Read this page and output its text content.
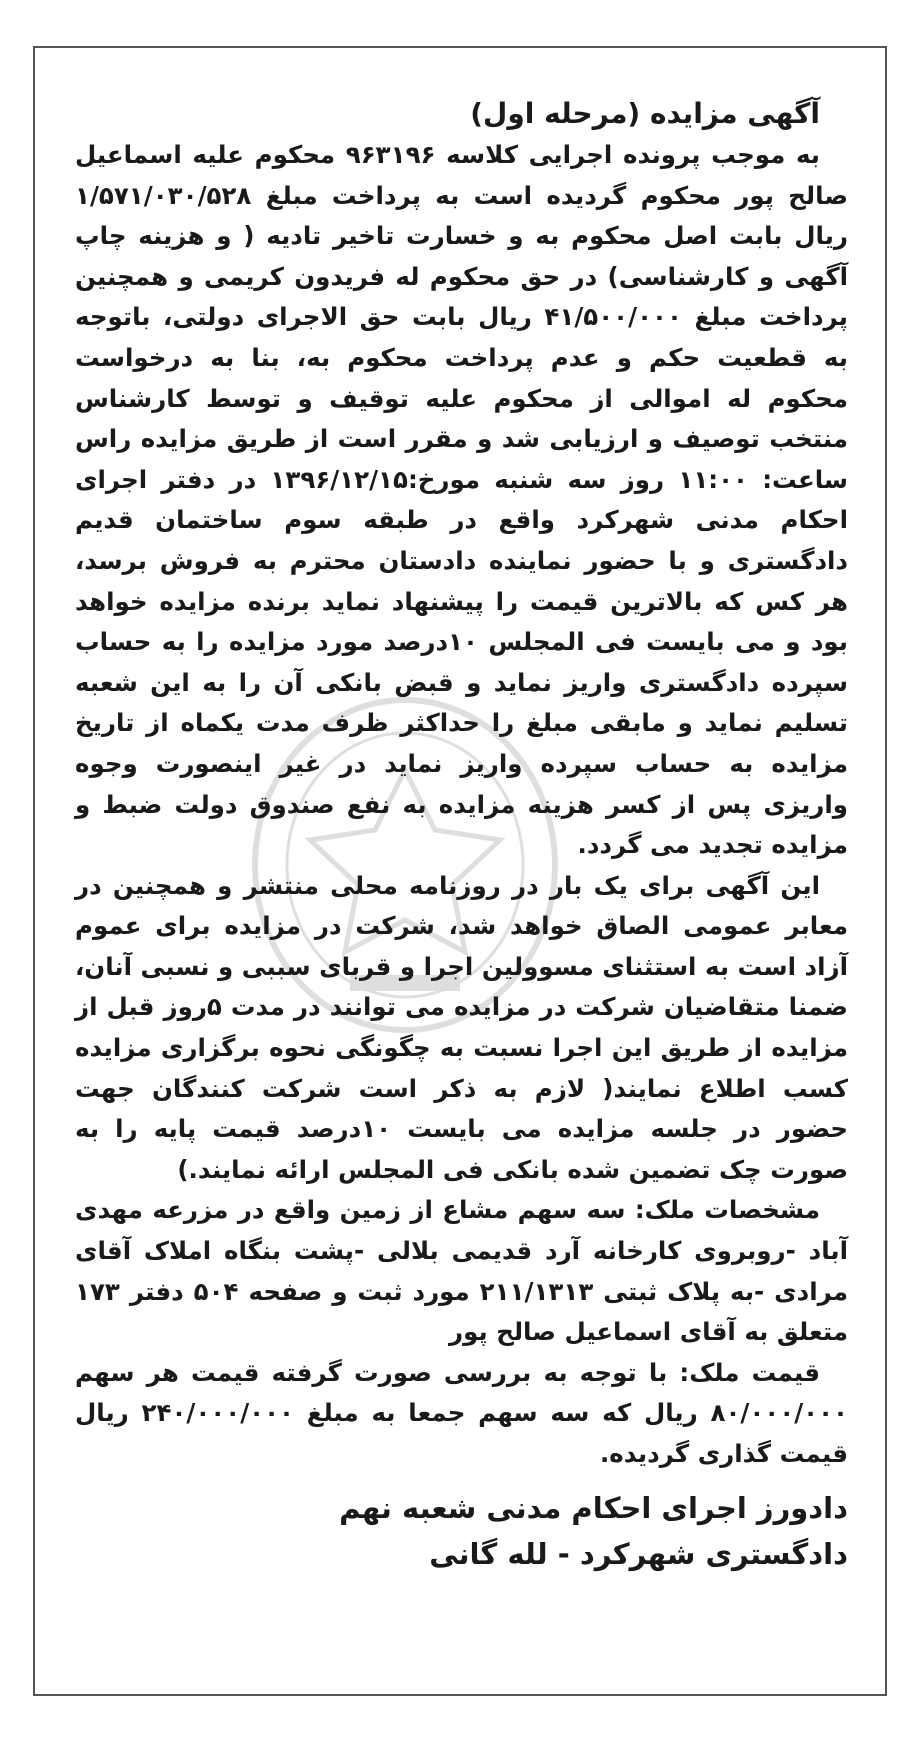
آگهی مزایده (مرحله اول)

به موجب پرونده اجرایی کلاسه ۹۶۳۱۹۶ محکوم علیه اسماعیل صالح پور محکوم گردیده است به پرداخت مبلغ ۱/۵۷۱/۰۳۰/۵۲۸ ریال بابت اصل محکوم به و خسارت تاخیر تادیه ( و هزینه چاپ آگهی و کارشناسی) در حق محکوم له فریدون کریمی و همچنین پرداخت مبلغ ۴۱/۵۰۰/۰۰۰ ریال بابت حق الاجرای دولتی، باتوجه به قطعیت حکم و عدم پرداخت محکوم به، بنا به درخواست محکوم له اموالی از محکوم علیه توقیف و توسط کارشناس منتخب توصیف و ارزیابی شد و مقرر است از طریق مزایده راس ساعت: ۱۱:۰۰ روز سه شنبه مورخ:۱۳۹۶/۱۲/۱۵ در دفتر اجرای احکام مدنی شهرکرد واقع در طبقه سوم ساختمان قدیم دادگستری و با حضور نماینده دادستان محترم به فروش برسد، هر کس که بالاترین قیمت را پیشنهاد نماید برنده مزایده خواهد بود و می بایست فی المجلس ۱۰درصد مورد مزایده را به حساب سپرده دادگستری واریز نماید و قبض بانکی آن را به این شعبه تسلیم نماید و مابقی مبلغ را حداکثر ظرف مدت یکماه از تاریخ مزایده به حساب سپرده واریز نماید در غیر اینصورت وجوه واریزی پس از کسر هزینه مزایده به نفع صندوق دولت ضبط و مزایده تجدید می گردد.

این آگهی برای یک بار در روزنامه محلی منتشر و همچنین در معابر عمومی الصاق خواهد شد، شرکت در مزایده برای عموم آزاد است به استثنای مسوولین اجرا و قربای سببی و نسبی آنان، ضمنا متقاضیان شرکت در مزایده می توانند در مدت ۵روز قبل از مزایده از طریق این اجرا نسبت به چگونگی نحوه برگزاری مزایده کسب اطلاع نمایند( لازم به ذکر است شرکت کنندگان جهت حضور در جلسه مزایده می بایست ۱۰درصد قیمت پایه را به صورت چک تضمین شده بانکی فی المجلس ارائه نمایند.)

مشخصات ملک: سه سهم مشاع از زمین واقع در مزرعه مهدی آباد -روبروی کارخانه آرد قدیمی بلالی -پشت بنگاه املاک آقای مرادی -به پلاک ثبتی ۲۱۱/۱۳۱۳ مورد ثبت و صفحه ۵۰۴ دفتر ۱۷۳ متعلق به آقای اسماعیل صالح پور

قیمت ملک: با توجه به بررسی صورت گرفته قیمت هر سهم ۸۰/۰۰۰/۰۰۰ ریال که سه سهم جمعا به مبلغ ۲۴۰/۰۰۰/۰۰۰ ریال قیمت گذاری گردیده.

دادورز اجرای احکام مدنی شعبه نهم
دادگستری شهرکرد - لله گانی
